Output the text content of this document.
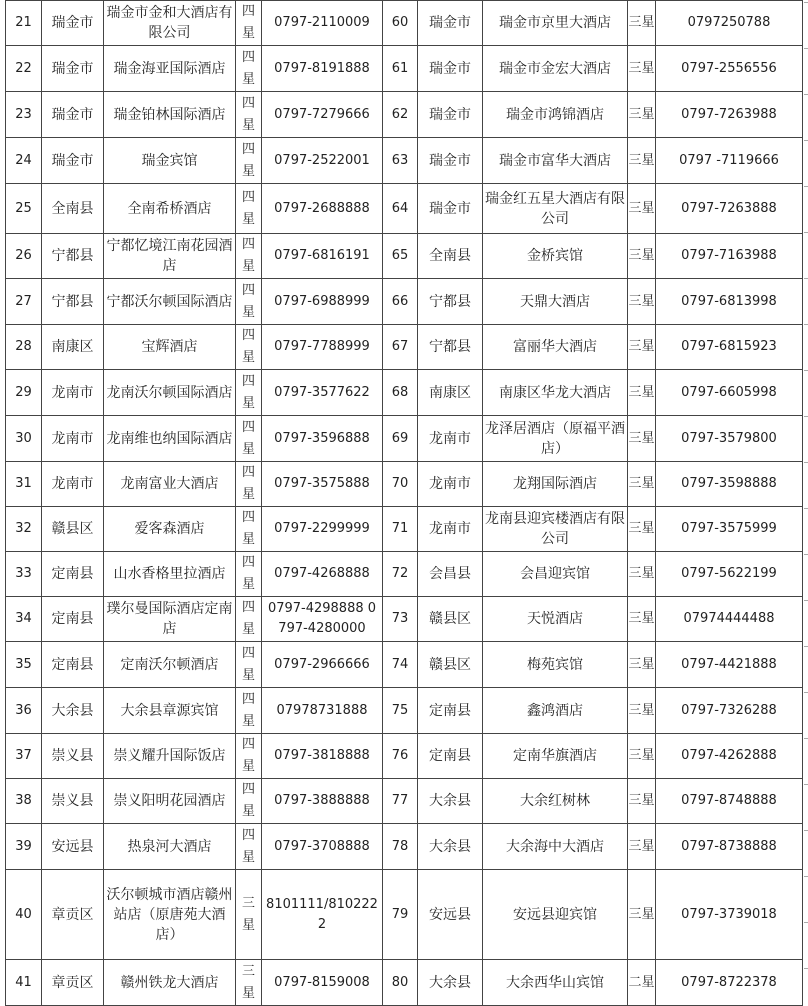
21	瑞金市	瑞金市金和大酒店有限公司	四星	0797-2110009	60	瑞金市	瑞金市京里大酒店	三星	0797250788
22	瑞金市	瑞金海亚国际酒店	四星	0797-8191888	61	瑞金市	瑞金市金宏大酒店	三星	0797-2556556
23	瑞金市	瑞金铂林国际酒店	四星	0797-7279666	62	瑞金市	瑞金市鸿锦酒店	三星	0797-7263988
24	瑞金市	瑞金宾馆	四星	0797-2522001	63	瑞金市	瑞金市富华大酒店	三星	0797 -7119666
25	全南县	全南希桥酒店	四星	0797-2688888	64	瑞金市	瑞金红五星大酒店有限公司	三星	0797-7263888
26	宁都县	宁都忆境江南花园酒店	四星	0797-6816191	65	全南县	金桥宾馆	三星	0797-7163988
27	宁都县	宁都沃尔顿国际酒店	四星	0797-6988999	66	宁都县	天鼎大酒店	三星	0797-6813998
28	南康区	宝辉酒店	四星	0797-7788999	67	宁都县	富丽华大酒店	三星	0797-6815923
29	龙南市	龙南沃尔顿国际酒店	四星	0797-3577622	68	南康区	南康区华龙大酒店	三星	0797-6605998
30	龙南市	龙南维也纳国际酒店	四星	0797-3596888	69	龙南市	龙泽居酒店（原福平酒店）	三星	0797-3579800
31	龙南市	龙南富业大酒店	四星	0797-3575888	70	龙南市	龙翔国际酒店	三星	0797-3598888
32	赣县区	爱客森酒店	四星	0797-2299999	71	龙南市	龙南县迎宾楼酒店有限公司	三星	0797-3575999
33	定南县	山水香格里拉酒店	四星	0797-4268888	72	会昌县	会昌迎宾馆	三星	0797-5622199
34	定南县	璞尔曼国际酒店定南店	四星	0797-4298888 0797-4280000	73	赣县区	天悦酒店	三星	07974444488
35	定南县	定南沃尔顿酒店	四星	0797-2966666	74	赣县区	梅苑宾馆	三星	0797-4421888
36	大余县	大余县章源宾馆	四星	07978731888	75	定南县	鑫鸿酒店	三星	0797-7326288
37	崇义县	崇义耀升国际饭店	四星	0797-3818888	76	定南县	定南华旗酒店	三星	0797-4262888
38	崇义县	崇义阳明花园酒店	四星	0797-3888888	77	大余县	大余红树林	三星	0797-8748888
39	安远县	热泉河大酒店	四星	0797-3708888	78	大余县	大余海中大酒店	三星	0797-8738888
40	章贡区	沃尔顿城市酒店赣州站店（原唐苑大酒店）	三星	8101111/8102222	79	安远县	安远县迎宾馆	三星	0797-3739018
41	章贡区	赣州铁龙大酒店	三星	0797-8159008	80	大余县	大余西华山宾馆	二星	0797-8722378
